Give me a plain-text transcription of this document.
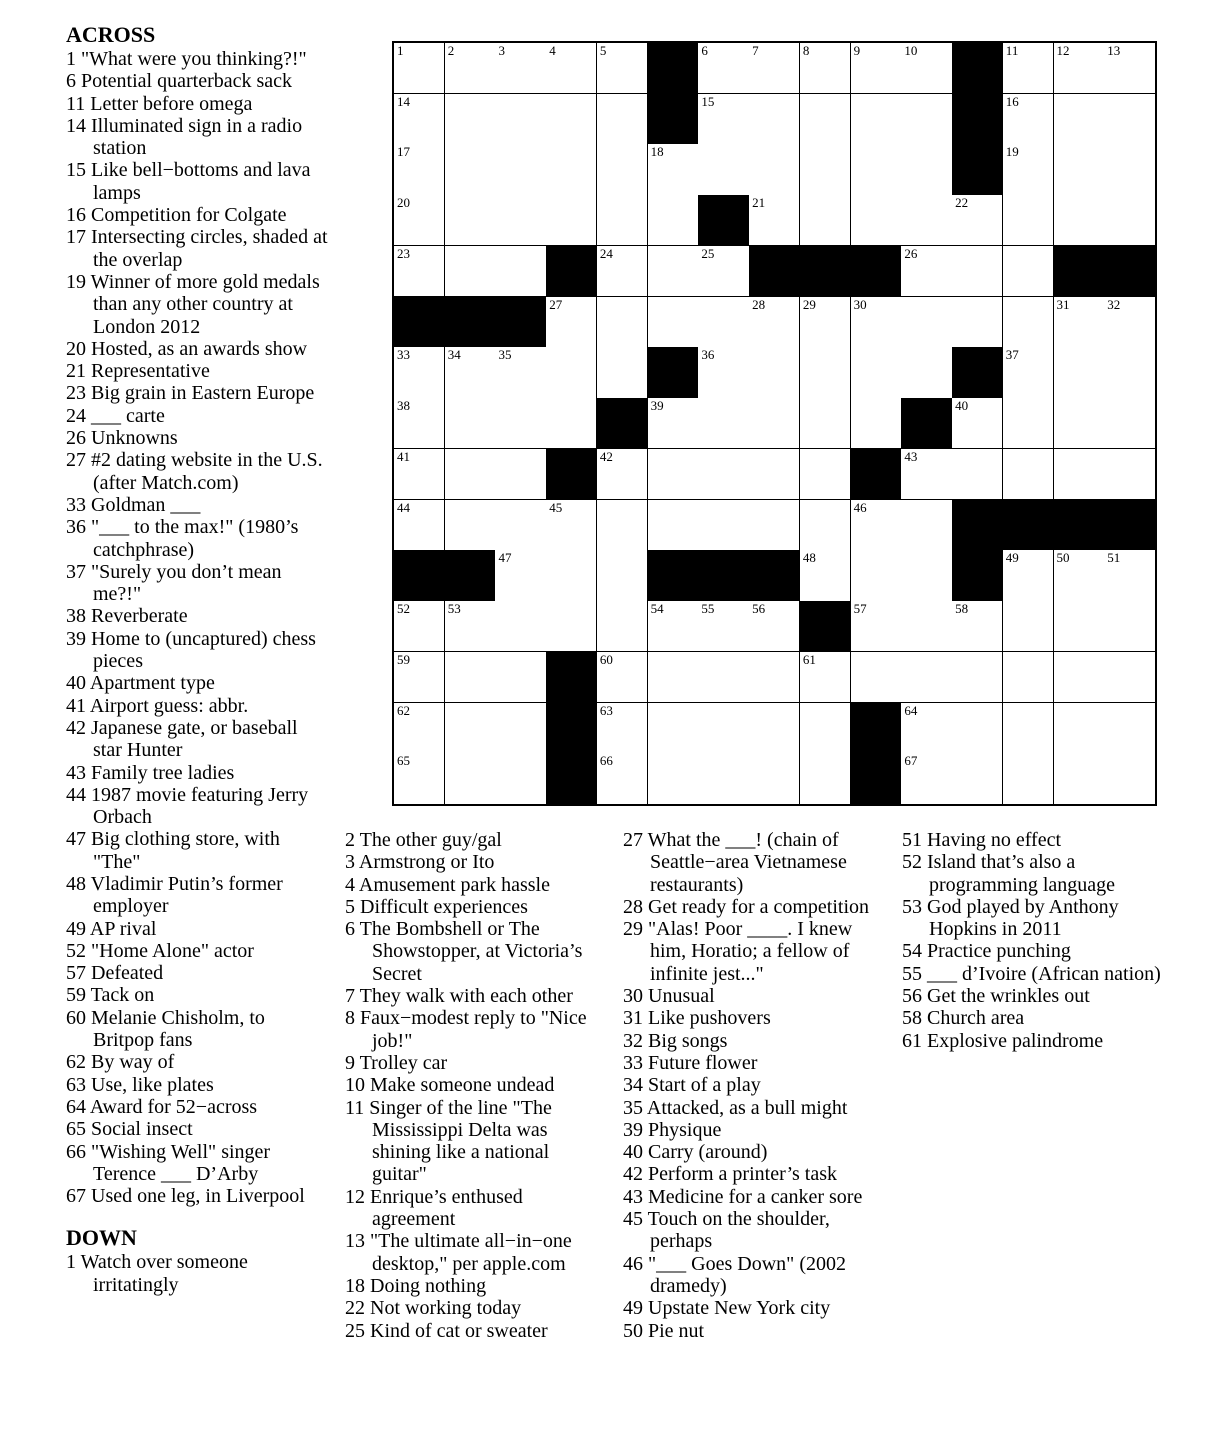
ACROSS
1 "What were you thinking?!"
6 Potential quarterback sack
11 Letter before omega
14 Illuminated sign in a radio station
15 Like bell−bottoms and lava lamps
16 Competition for Colgate
17 Intersecting circles, shaded at the overlap
19 Winner of more gold medals than any other country at London 2012
20 Hosted, as an awards show
21 Representative
23 Big grain in Eastern Europe
24 ___ carte
26 Unknowns
27 #2 dating website in the U.S. (after Match.com)
33 Goldman ___
36 "___ to the max!" (1980’s catchphrase)
37 "Surely you don’t mean me?!"
38 Reverberate
39 Home to (uncaptured) chess pieces
40 Apartment type
41 Airport guess: abbr.
42 Japanese gate, or baseball star Hunter
43 Family tree ladies
44 1987 movie featuring Jerry Orbach
47 Big clothing store, with "The"
48 Vladimir Putin’s former employer
49 AP rival
52 "Home Alone" actor
57 Defeated
59 Tack on
60 Melanie Chisholm, to Britpop fans
62 By way of
63 Use, like plates
64 Award for 52−across
65 Social insect
66 "Wishing Well" singer Terence ___ D’Arby
67 Used one leg, in Liverpool
DOWN
1 Watch over someone irritatingly
1	2	3	4	5	6	7	8	9	10	11	12	13
14	15	16
17	18	19
20	21	22
23	24	25	26
27	28	29	30	31	32
33	34	35	36	37
38	39	40
41	42	43
44	45	46
47	48	49	50	51
52	53	54	55	56	57	58
59	60	61
62	63	64
65	66	67
2 The other guy/gal
3 Armstrong or Ito
4 Amusement park hassle
5 Difficult experiences
6 The Bombshell or The Showstopper, at Victoria’s Secret
7 They walk with each other
8 Faux−modest reply to "Nice job!"
9 Trolley car
10 Make someone undead
11 Singer of the line "The Mississippi Delta was shining like a national guitar"
12 Enrique’s enthused agreement
13 "The ultimate all−in−one desktop," per apple.com
18 Doing nothing
22 Not working today
25 Kind of cat or sweater
27 What the ___! (chain of Seattle−area Vietnamese restaurants)
28 Get ready for a competition
29 "Alas! Poor ____. I knew him, Horatio; a fellow of infinite jest..."
30 Unusual
31 Like pushovers
32 Big songs
33 Future flower
34 Start of a play
35 Attacked, as a bull might
39 Physique
40 Carry (around)
42 Perform a printer’s task
43 Medicine for a canker sore
45 Touch on the shoulder, perhaps
46 "___ Goes Down" (2002 dramedy)
49 Upstate New York city
50 Pie nut
51 Having no effect
52 Island that’s also a programming language
53 God played by Anthony Hopkins in 2011
54 Practice punching
55 ___ d’Ivoire (African nation)
56 Get the wrinkles out
58 Church area
61 Explosive palindrome
